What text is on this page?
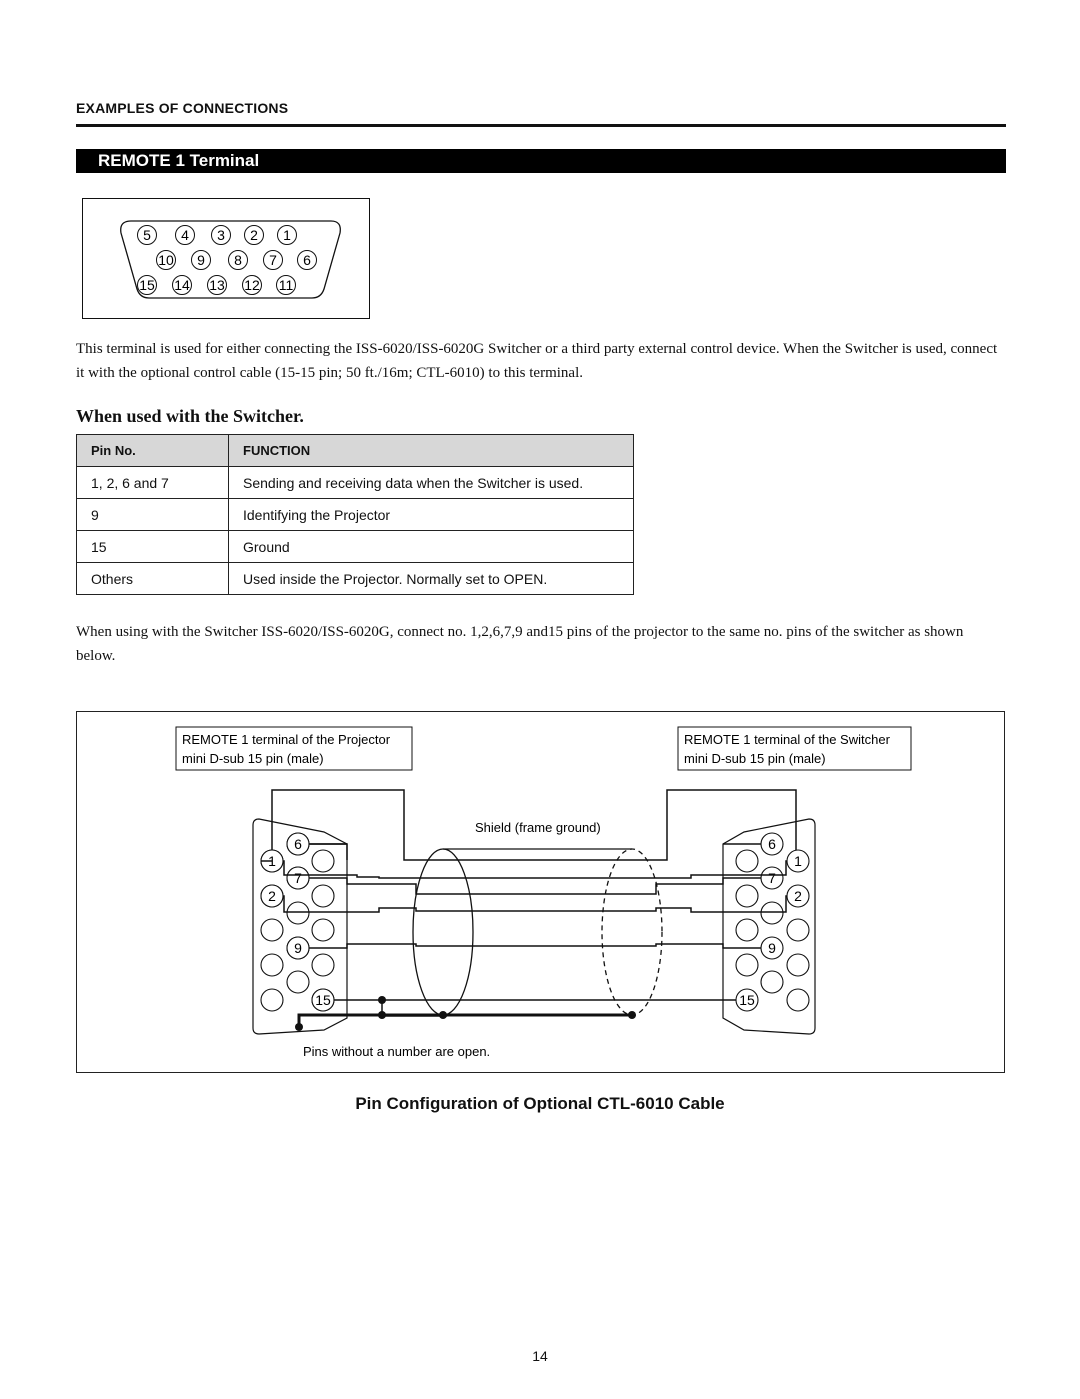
EXAMPLES OF CONNECTIONS
REMOTE 1 Terminal
5 4 3 2 1
10 9 8 7 6
15 14 13 12 11
This terminal is used for either connecting the ISS-6020/ISS-6020G Switcher or a third party external control device. When the Switcher is used, connect it with the optional control cable (15-15 pin; 50 ft./16m; CTL-6010) to this terminal.
When used with the Switcher.
Pin No.	FUNCTION
1, 2, 6 and 7	Sending and receiving data when the Switcher is used.
9	Identifying the Projector
15	Ground
Others	Used inside the Projector. Normally set to OPEN.
When using with the Switcher ISS-6020/ISS-6020G, connect no. 1,2,6,7,9 and15 pins of the projector to the same no. pins of the switcher as shown below.
REMOTE 1 terminal of the Projector
mini D-sub 15 pin (male)
REMOTE 1 terminal of the Switcher
mini D-sub 15 pin (male)
6
1
7
2
9
15
6
1
7
2
9
15
Shield (frame ground)
Pins without a number are open.
Pin Configuration of Optional CTL-6010 Cable
14
